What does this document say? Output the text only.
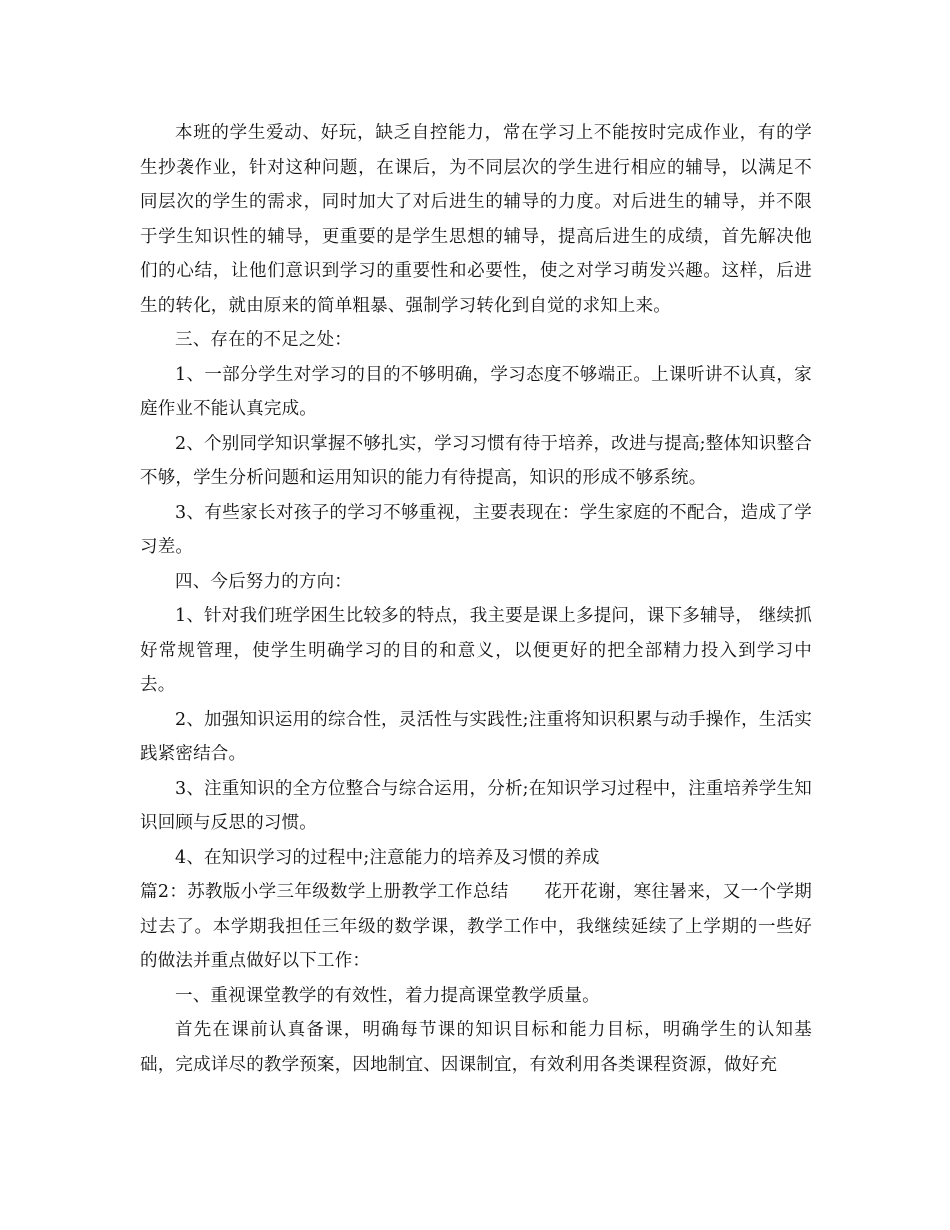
本班的学生爱动、好玩，缺乏自控能力，常在学习上不能按时完成作业，有的学生抄袭作业，针对这种问题，在课后，为不同层次的学生进行相应的辅导，以满足不同层次的学生的需求，同时加大了对后进生的辅导的力度。对后进生的辅导，并不限于学生知识性的辅导，更重要的是学生思想的辅导，提高后进生的成绩，首先解决他们的心结，让他们意识到学习的重要性和必要性，使之对学习萌发兴趣。这样，后进生的转化，就由原来的简单粗暴、强制学习转化到自觉的求知上来。

三、存在的不足之处：

1、一部分学生对学习的目的不够明确，学习态度不够端正。上课听讲不认真，家庭作业不能认真完成。

2、个别同学知识掌握不够扎实，学习习惯有待于培养，改进与提高;整体知识整合不够，学生分析问题和运用知识的能力有待提高，知识的形成不够系统。

3、有些家长对孩子的学习不够重视，主要表现在：学生家庭的不配合，造成了学习差。

四、今后努力的方向：

1、针对我们班学困生比较多的特点，我主要是课上多提问，课下多辅导， 继续抓好常规管理，使学生明确学习的目的和意义，以便更好的把全部精力投入到学习中去。

2、加强知识运用的综合性，灵活性与实践性;注重将知识积累与动手操作，生活实践紧密结合。

3、注重知识的全方位整合与综合运用，分析;在知识学习过程中，注重培养学生知识回顾与反思的习惯。

4、在知识学习的过程中;注意能力的培养及习惯的养成

篇2：苏教版小学三年级数学上册教学工作总结　　花开花谢，寒往暑来，又一个学期过去了。本学期我担任三年级的数学课，教学工作中，我继续延续了上学期的一些好的做法并重点做好以下工作：

一、重视课堂教学的有效性，着力提高课堂教学质量。

首先在课前认真备课，明确每节课的知识目标和能力目标，明确学生的认知基础，完成详尽的教学预案，因地制宜、因课制宜，有效利用各类课程资源，做好充
